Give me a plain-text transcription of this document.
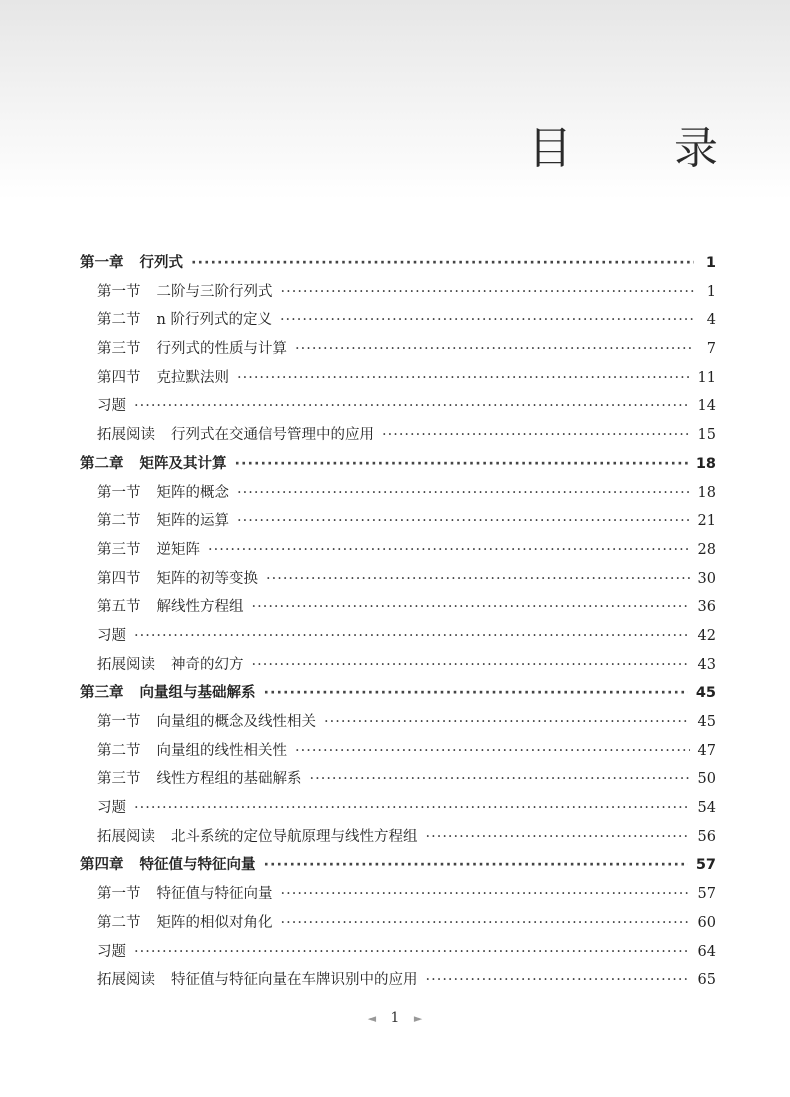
目 录
第一章 行列式 ·····	1
第一节 二阶与三阶行列式 ·····	1
第二节 n 阶行列式的定义 ·····	4
第三节 行列式的性质与计算 ·····	7
第四节 克拉默法则 ·····	11
习题 ·····	14
拓展阅读 行列式在交通信号管理中的应用 ·····	15
第二章 矩阵及其计算 ·····	18
第一节 矩阵的概念 ·····	18
第二节 矩阵的运算 ·····	21
第三节 逆矩阵 ·····	28
第四节 矩阵的初等变换 ·····	30
第五节 解线性方程组 ·····	36
习题 ·····	42
拓展阅读 神奇的幻方 ·····	43
第三章 向量组与基础解系 ·····	45
第一节 向量组的概念及线性相关 ·····	45
第二节 向量组的线性相关性 ·····	47
第三节 线性方程组的基础解系 ·····	50
习题 ·····	54
拓展阅读 北斗系统的定位导航原理与线性方程组 ·····	56
第四章 特征值与特征向量 ·····	57
第一节 特征值与特征向量 ·····	57
第二节 矩阵的相似对角化 ·····	60
习题 ·····	64
拓展阅读 特征值与特征向量在车牌识别中的应用 ·····	65
◄ 1 ►
